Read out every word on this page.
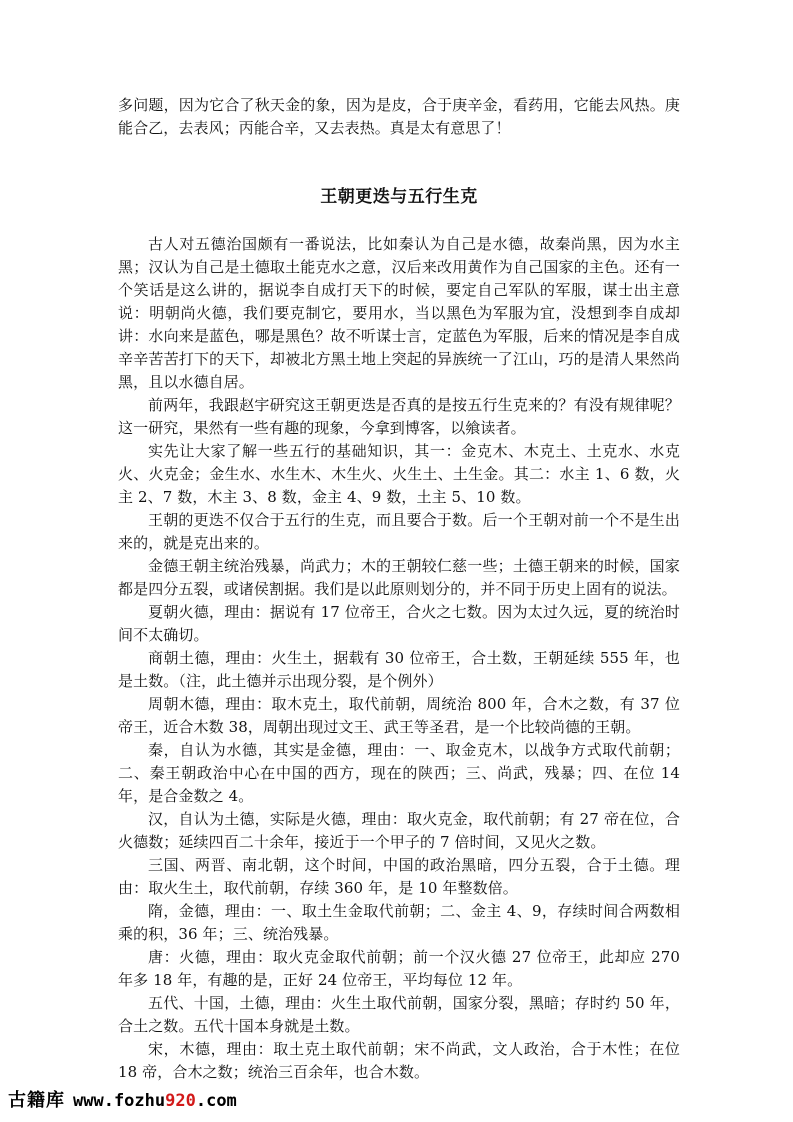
多问题，因为它合了秋天金的象，因为是皮，合于庚辛金，看药用，它能去风热。庚能合乙，去表风；丙能合辛，又去表热。真是太有意思了！

王朝更迭与五行生克

古人对五德治国颇有一番说法，比如秦认为自己是水德，故秦尚黑，因为水主黑；汉认为自己是土德取土能克水之意，汉后来改用黄作为自己国家的主色。还有一个笑话是这么讲的，据说李自成打天下的时候，要定自己军队的军服，谋士出主意说：明朝尚火德，我们要克制它，要用水，当以黑色为军服为宜，没想到李自成却讲：水向来是蓝色，哪是黑色？故不听谋士言，定蓝色为军服，后来的情况是李自成辛辛苦苦打下的天下，却被北方黑土地上突起的异族统一了江山，巧的是清人果然尚黑，且以水德自居。

前两年，我跟赵宇研究这王朝更迭是否真的是按五行生克来的？有没有规律呢？这一研究，果然有一些有趣的现象，今拿到博客，以飨读者。

实先让大家了解一些五行的基础知识，其一：金克木、木克土、土克水、水克火、火克金；金生水、水生木、木生火、火生土、土生金。其二：水主 1、6 数，火主 2、7 数，木主 3、8 数，金主 4、9 数，土主 5、10 数。

王朝的更迭不仅合于五行的生克，而且要合于数。后一个王朝对前一个不是生出来的，就是克出来的。

金德王朝主统治残暴，尚武力；木的王朝较仁慈一些；土德王朝来的时候，国家都是四分五裂，或诸侯割据。我们是以此原则划分的，并不同于历史上固有的说法。

夏朝火德，理由：据说有 17 位帝王，合火之七数。因为太过久远，夏的统治时间不太确切。

商朝土德，理由：火生土，据载有 30 位帝王，合土数，王朝延续 555 年，也是土数。（注，此土德并示出现分裂，是个例外）

周朝木德，理由：取木克土，取代前朝，周统治 800 年，合木之数，有 37 位帝王，近合木数 38，周朝出现过文王、武王等圣君，是一个比较尚德的王朝。

秦，自认为水德，其实是金德，理由：一、取金克木，以战争方式取代前朝；二、秦王朝政治中心在中国的西方，现在的陕西；三、尚武，残暴；四、在位 14 年，是合金数之 4。

汉，自认为土德，实际是火德，理由：取火克金，取代前朝；有 27 帝在位，合火德数；延续四百二十余年，接近于一个甲子的 7 倍时间，又见火之数。

三国、两晋、南北朝，这个时间，中国的政治黑暗，四分五裂，合于土德。理由：取火生土，取代前朝，存续 360 年，是 10 年整数倍。

隋，金德，理由：一、取土生金取代前朝；二、金主 4、9，存续时间合两数相乘的积，36 年；三、统治残暴。

唐：火德，理由：取火克金取代前朝；前一个汉火德 27 位帝王，此却应 270 年多 18 年，有趣的是，正好 24 位帝王，平均每位 12 年。

五代、十国，土德，理由：火生土取代前朝，国家分裂，黑暗；存时约 50 年，合土之数。五代十国本身就是土数。

宋，木德，理由：取土克土取代前朝；宋不尚武，文人政治，合于木性；在位 18 帝，合木之数；统治三百余年，也合木数。

古籍库 www.fozhu920.com
